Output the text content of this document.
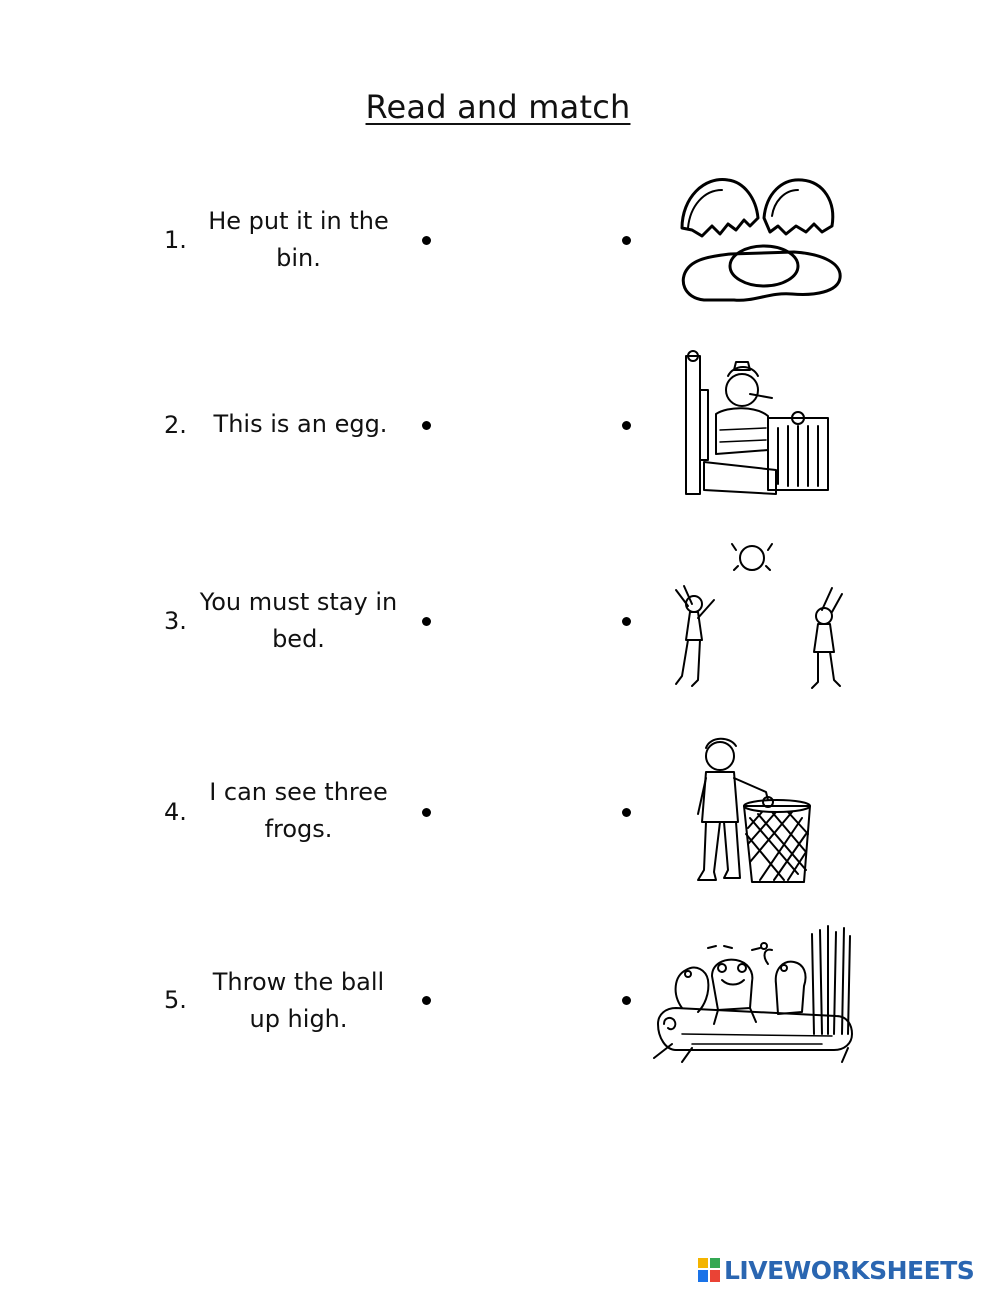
Read and match
1.
He put it in the
bin.
2.	This is an egg.
3.
You must stay in
bed.
4.
I can see three
frogs.
5.
Throw the ball
up high.
LIVEWORKSHEETS
